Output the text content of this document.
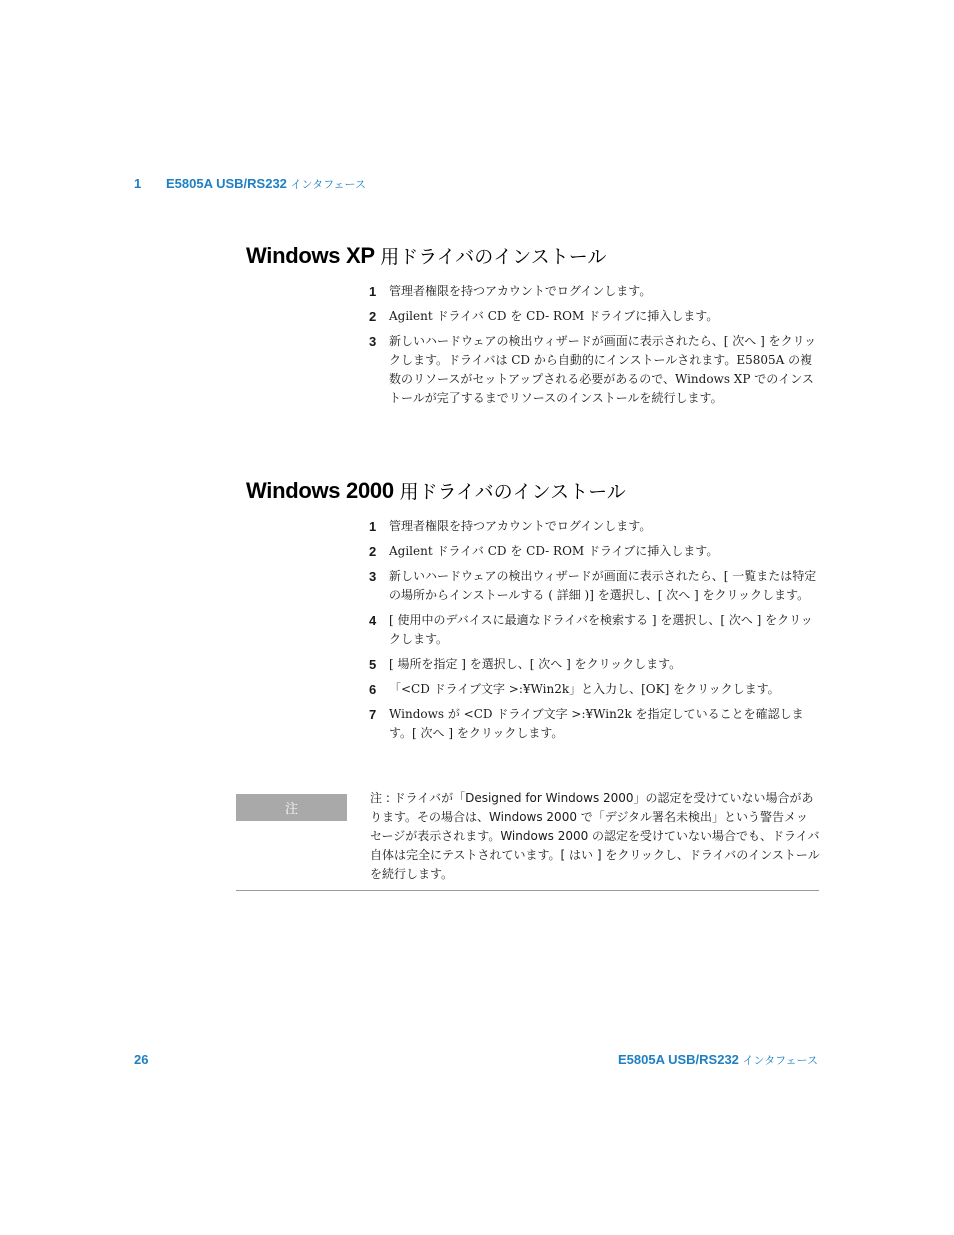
1 E5805A USB/RS232 インタフェース
Windows XP 用ドライバのインストール
1 管理者権限を持つアカウントでログインします。
2 Agilent ドライバ CD を CD- ROM ドライブに挿入します。
3 新しいハードウェアの検出ウィザードが画面に表示されたら、[ 次へ ] をクリックします。ドライバは CD から自動的にインストールされます。E5805A の複数のリソースがセットアップされる必要があるので、Windows XP でのインストールが完了するまでリソースのインストールを続行します。
Windows 2000 用ドライバのインストール
1 管理者権限を持つアカウントでログインします。
2 Agilent ドライバ CD を CD- ROM ドライブに挿入します。
3 新しいハードウェアの検出ウィザードが画面に表示されたら、[ 一覧または特定の場所からインストールする ( 詳細 )] を選択し、[ 次へ ] をクリックします。
4 [ 使用中のデバイスに最適なドライバを検索する ] を選択し、[ 次へ ] をクリックします。
5 [ 場所を指定 ] を選択し、[ 次へ ] をクリックします。
6 「<CD ドライブ文字 >:¥Win2k」と入力し、[OK] をクリックします。
7 Windows が <CD ドライブ文字 >:¥Win2k を指定していることを確認します。[ 次へ ] をクリックします。
注
注 : ドライバが「Designed for Windows 2000」の認定を受けていない場合があります。その場合は、Windows 2000 で「デジタル署名未検出」という警告メッセージが表示されます。Windows 2000 の認定を受けていない場合でも、ドライバ自体は完全にテストされています。[ はい ] をクリックし、ドライバのインストールを続行します。
26	E5805A USB/RS232 インタフェース
